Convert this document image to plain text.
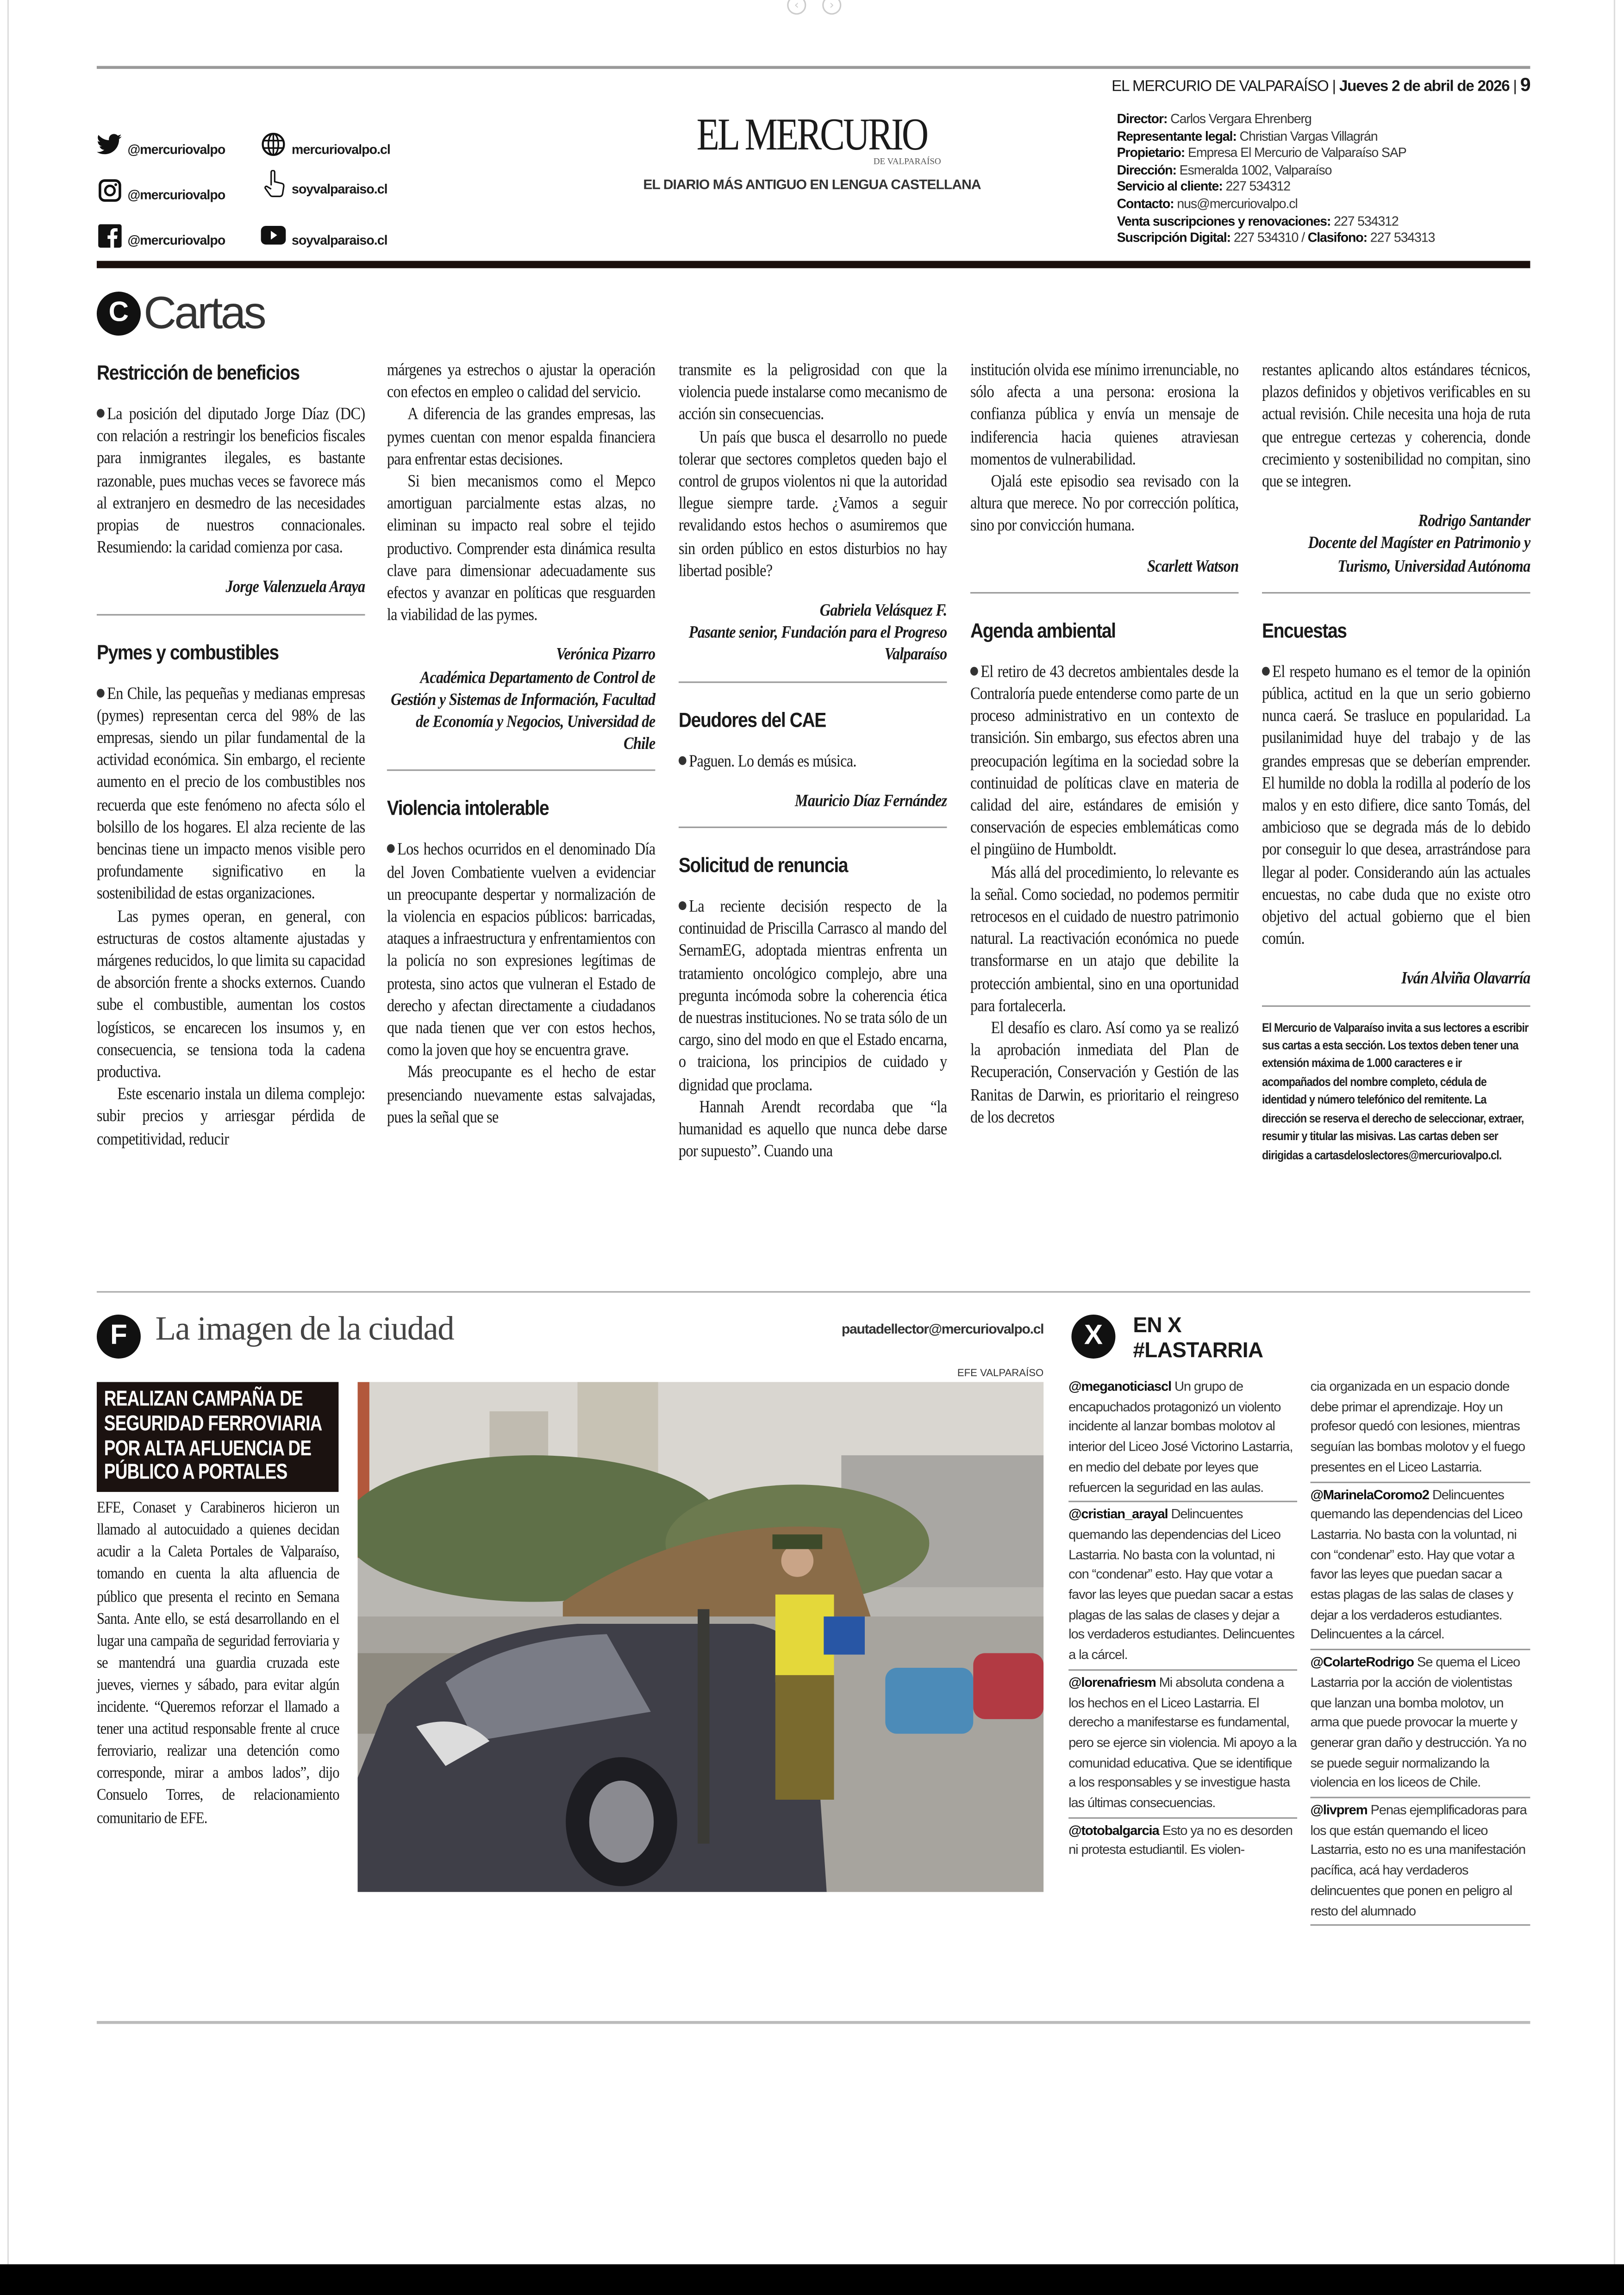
‹	›
EL MERCURIO DE VALPARAÍSO | Jueves 2 de abril de 2026 | 9
@mercuriovalpo	mercuriovalpo.cl
@mercuriovalpo	soyvalparaiso.cl
@mercuriovalpo	soyvalparaiso.cl
EL MERCURIO
DE VALPARAÍSO
EL DIARIO MÁS ANTIGUO EN LENGUA CASTELLANA
Director: Carlos Vergara Ehrenberg
Representante legal: Christian Vargas Villagrán
Propietario: Empresa El Mercurio de Valparaíso SAP
Dirección: Esmeralda 1002, Valparaíso
Servicio al cliente: 227 534312
Contacto: nus@mercuriovalpo.cl
Venta suscripciones y renovaciones: 227 534312
Suscripción Digital: 227 534310 / Clasifono: 227 534313
C	Cartas
Restricción de beneficios

La posición del diputado Jorge Díaz (DC) con relación a restringir los beneficios fiscales para inmigrantes ilegales, es bastante razonable, pues muchas veces se favorece más al extranjero en desmedro de las necesidades propias de nuestros connacionales. Resumiendo: la caridad comienza por casa.

Jorge Valenzuela Araya
Pymes y combustibles

En Chile, las pequeñas y medianas empresas (pymes) representan cerca del 98% de las empresas, siendo un pilar fundamental de la actividad económica. Sin embargo, el reciente aumento en el precio de los combustibles nos recuerda que este fenómeno no afecta sólo el bolsillo de los hogares. El alza reciente de las bencinas tiene un impacto menos visible pero profundamente significativo en la sostenibilidad de estas organizaciones.

Las pymes operan, en general, con estructuras de costos altamente ajustadas y márgenes reducidos, lo que limita su capacidad de absorción frente a shocks externos. Cuando sube el combustible, aumentan los costos logísticos, se encarecen los insumos y, en consecuencia, se tensiona toda la cadena productiva.

Este escenario instala un dilema complejo: subir precios y arriesgar pérdida de competitividad, reducir

márgenes ya estrechos o ajustar la operación con efectos en empleo o calidad del servicio.

A diferencia de las grandes empresas, las pymes cuentan con menor espalda financiera para enfrentar estas decisiones.

Si bien mecanismos como el Mepco amortiguan parcialmente estas alzas, no eliminan su impacto real sobre el tejido productivo. Comprender esta dinámica resulta clave para dimensionar adecuadamente sus efectos y avanzar en políticas que resguarden la viabilidad de las pymes.

Verónica Pizarro
Académica Departamento de Control de Gestión y Sistemas de Información, Facultad de Economía y Negocios, Universidad de Chile
Violencia intolerable

Los hechos ocurridos en el denominado Día del Joven Combatiente vuelven a evidenciar un preocupante despertar y normalización de la violencia en espacios públicos: barricadas, ataques a infraestructura y enfrentamientos con la policía no son expresiones legítimas de protesta, sino actos que vulneran el Estado de derecho y afectan directamente a ciudadanos que nada tienen que ver con estos hechos, como la joven que hoy se encuentra grave.

Más preocupante es el hecho de estar presenciando nuevamente estas salvajadas, pues la señal que se

transmite es la peligrosidad con que la violencia puede instalarse como mecanismo de acción sin consecuencias.

Un país que busca el desarrollo no puede tolerar que sectores completos queden bajo el control de grupos violentos ni que la autoridad llegue siempre tarde. ¿Vamos a seguir revalidando estos hechos o asumiremos que sin orden público en estos disturbios no hay libertad posible?

Gabriela Velásquez F.
Pasante senior, Fundación para el Progreso Valparaíso
Deudores del CAE

Paguen. Lo demás es música.

Mauricio Díaz Fernández
Solicitud de renuncia

La reciente decisión respecto de la continuidad de Priscilla Carrasco al mando del SernamEG, adoptada mientras enfrenta un tratamiento oncológico complejo, abre una pregunta incómoda sobre la coherencia ética de nuestras instituciones. No se trata sólo de un cargo, sino del modo en que el Estado encarna, o traiciona, los principios de cuidado y dignidad que proclama.

Hannah Arendt recordaba que “la humanidad es aquello que nunca debe darse por supuesto”. Cuando una

institución olvida ese mínimo irrenunciable, no sólo afecta a una persona: erosiona la confianza pública y envía un mensaje de indiferencia hacia quienes atraviesan momentos de vulnerabilidad.

Ojalá este episodio sea revisado con la altura que merece. No por corrección política, sino por convicción humana.

Scarlett Watson
Agenda ambiental

El retiro de 43 decretos ambientales desde la Contraloría puede entenderse como parte de un proceso administrativo en un contexto de transición. Sin embargo, sus efectos abren una preocupación legítima en la sociedad sobre la continuidad de políticas clave en materia de calidad del aire, estándares de emisión y conservación de especies emblemáticas como el pingüino de Humboldt.

Más allá del procedimiento, lo relevante es la señal. Como sociedad, no podemos permitir retrocesos en el cuidado de nuestro patrimonio natural. La reactivación económica no puede transformarse en un atajo que debilite la protección ambiental, sino en una oportunidad para fortalecerla.

El desafío es claro. Así como ya se realizó la aprobación inmediata del Plan de Recuperación, Conservación y Gestión de las Ranitas de Darwin, es prioritario el reingreso de los decretos

restantes aplicando altos estándares técnicos, plazos definidos y objetivos verificables en su actual revisión. Chile necesita una hoja de ruta que entregue certezas y coherencia, donde crecimiento y sostenibilidad no compitan, sino que se integren.

Rodrigo Santander
Docente del Magíster en Patrimonio y Turismo, Universidad Autónoma
Encuestas

El respeto humano es el temor de la opinión pública, actitud en la que un serio gobierno nunca caerá. Se trasluce en popularidad. La pusilanimidad huye del trabajo y de las grandes empresas que se deberían emprender. El humilde no dobla la rodilla al poderío de los malos y en esto difiere, dice santo Tomás, del ambicioso que se degrada más de lo debido por conseguir lo que desea, arrastrándose para llegar al poder. Considerando aún las actuales encuestas, no cabe duda que no existe otro objetivo del actual gobierno que el bien común.

Iván Alviña Olavarría
El Mercurio de Valparaíso invita a sus lectores a escribir sus cartas a esta sección. Los textos deben tener una extensión máxima de 1.000 caracteres e ir acompañados del nombre completo, cédula de identidad y número telefónico del remitente. La dirección se reserva el derecho de seleccionar, extraer, resumir y titular las misivas. Las cartas deben ser dirigidas a cartasdeloslectores@mercuriovalpo.cl.
F	La imagen de la ciudad	pautadellector@mercuriovalpo.cl
EFE VALPARAÍSO
REALIZAN CAMPAÑA DE SEGURIDAD FERROVIARIA POR ALTA AFLUENCIA DE PÚBLICO A PORTALES
EFE, Conaset y Carabineros hicieron un llamado al autocuidado a quienes decidan acudir a la Caleta Portales de Valparaíso, tomando en cuenta la alta afluencia de público que presenta el recinto en Semana Santa. Ante ello, se está desarrollando en el lugar una campaña de seguridad ferroviaria y se mantendrá una guardia cruzada este jueves, viernes y sábado, para evitar algún incidente. “Queremos reforzar el llamado a tener una actitud responsable frente al cruce ferroviario, realizar una detención como corresponde, mirar a ambos lados”, dijo Consuelo Torres, de relacionamiento comunitario de EFE.
X	EN X
#LASTARRIA
@meganoticiascl Un grupo de encapuchados protagonizó un violento incidente al lanzar bombas molotov al interior del Liceo José Victorino Lastarria, en medio del debate por leyes que refuercen la seguridad en las aulas.
@cristian_arayal Delincuentes quemando las dependencias del Liceo Lastarria. No basta con la voluntad, ni con “condenar” esto. Hay que votar a favor las leyes que puedan sacar a estas plagas de las salas de clases y dejar a los verdaderos estudiantes. Delincuentes a la cárcel.
@lorenafriesm Mi absoluta condena a los hechos en el Liceo Lastarria. El derecho a manifestarse es fundamental, pero se ejerce sin violencia. Mi apoyo a la comunidad educativa. Que se identifique a los responsables y se investigue hasta las últimas consecuencias.
@totobalgarcia Esto ya no es desorden ni protesta estudiantil. Es violen-
cia organizada en un espacio donde debe primar el aprendizaje. Hoy un profesor quedó con lesiones, mientras seguían las bombas molotov y el fuego presentes en el Liceo Lastarria.
@MarinelaCoromo2 Delincuentes quemando las dependencias del Liceo Lastarria. No basta con la voluntad, ni con “condenar” esto. Hay que votar a favor las leyes que puedan sacar a estas plagas de las salas de clases y dejar a los verdaderos estudiantes. Delincuentes a la cárcel.
@ColarteRodrigo Se quema el Liceo Lastarria por la acción de violentistas que lanzan una bomba molotov, un arma que puede provocar la muerte y generar gran daño y destrucción. Ya no se puede seguir normalizando la violencia en los liceos de Chile.
@livprem Penas ejemplificadoras para los que están quemando el liceo Lastarria, esto no es una manifestación pacífica, acá hay verdaderos delincuentes que ponen en peligro al resto del alumnado
